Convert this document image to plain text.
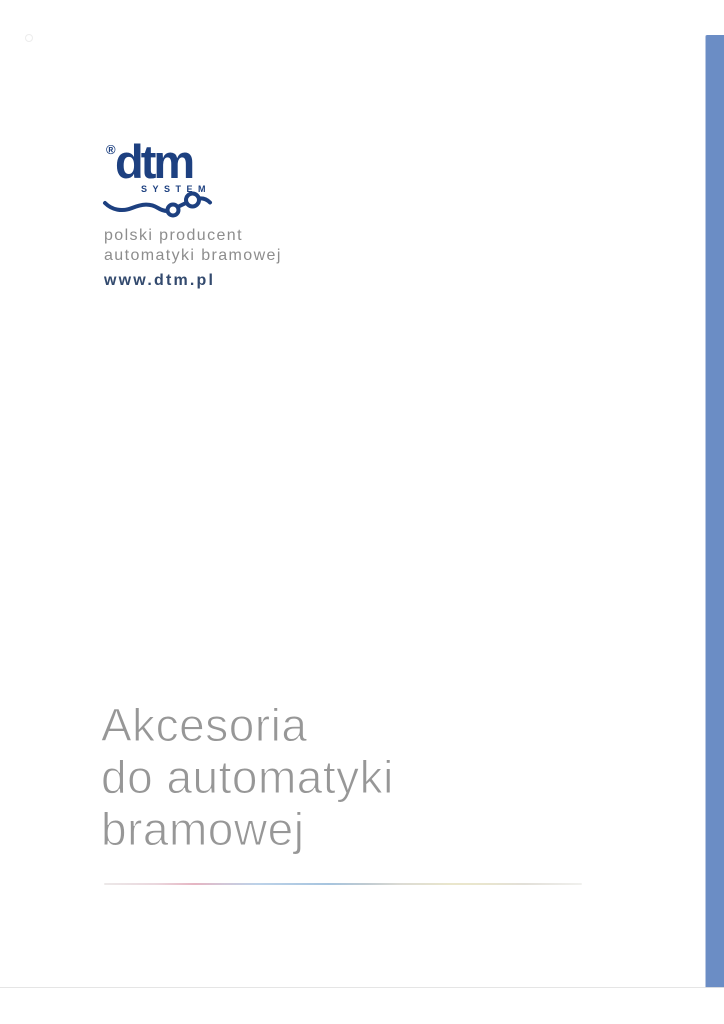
® dtm
SYSTEM
polski producent
automatyki bramowej
www.dtm.pl
Akcesoria
do automatyki
bramowej
